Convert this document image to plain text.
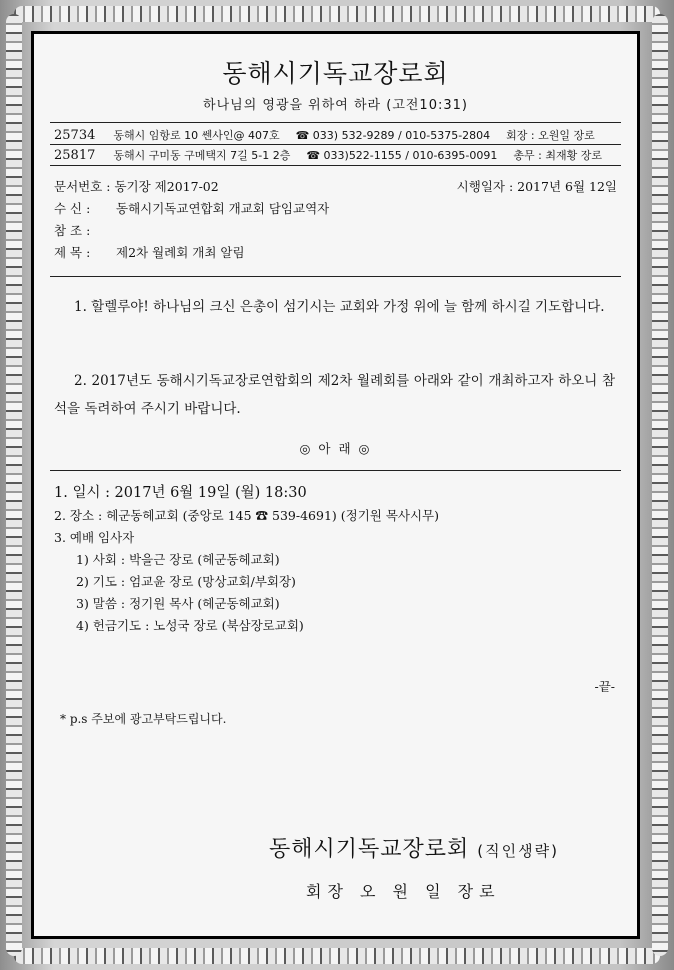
동해시기독교장로회
하나님의 영광을 위하여 하라 (고전10:31)
25734 동해시 임항로 10 쎈사인@ 407호 ☎ 033) 532-9289 / 010-5375-2804 회장 : 오원일 장로
25817 동해시 구미동 구메택지 7길 5-1 2층 ☎ 033)522-1155 / 010-6395-0091 총무 : 최재황 장로
문서번호 : 동기장 제2017-02	시행일자 : 2017년 6월 12일
수 신 : 동해시기독교연합회 개교회 담임교역자
참 조 :
제 목 : 제2차 월례회 개최 알림
1. 할렐루야! 하나님의 크신 은총이 섬기시는 교회와 가정 위에 늘 함께 하시길 기도합니다.
2. 2017년도 동해시기독교장로연합회의 제2차 월례회를 아래와 같이 개최하고자 하오니 참석을 독려하여 주시기 바랍니다.
◎ 아 래 ◎
1. 일시 : 2017년 6월 19일 (월) 18:30
2. 장소 : 헤군동헤교회 (중앙로 145 ☎ 539-4691) (정기원 목사시무)
3. 예배 임사자
1) 사회 : 박을근 장로 (헤군동헤교회)
2) 기도 : 엄교윤 장로 (망상교회/부회장)
3) 말씀 : 정기원 목사 (헤군동헤교회)
4) 헌금기도 : 노성국 장로 (북삼장로교회)
-끝-
* p.s 주보에 광고부탁드립니다.
동해시기독교장로회 (직인생략)
회장 오 원 일 장로
